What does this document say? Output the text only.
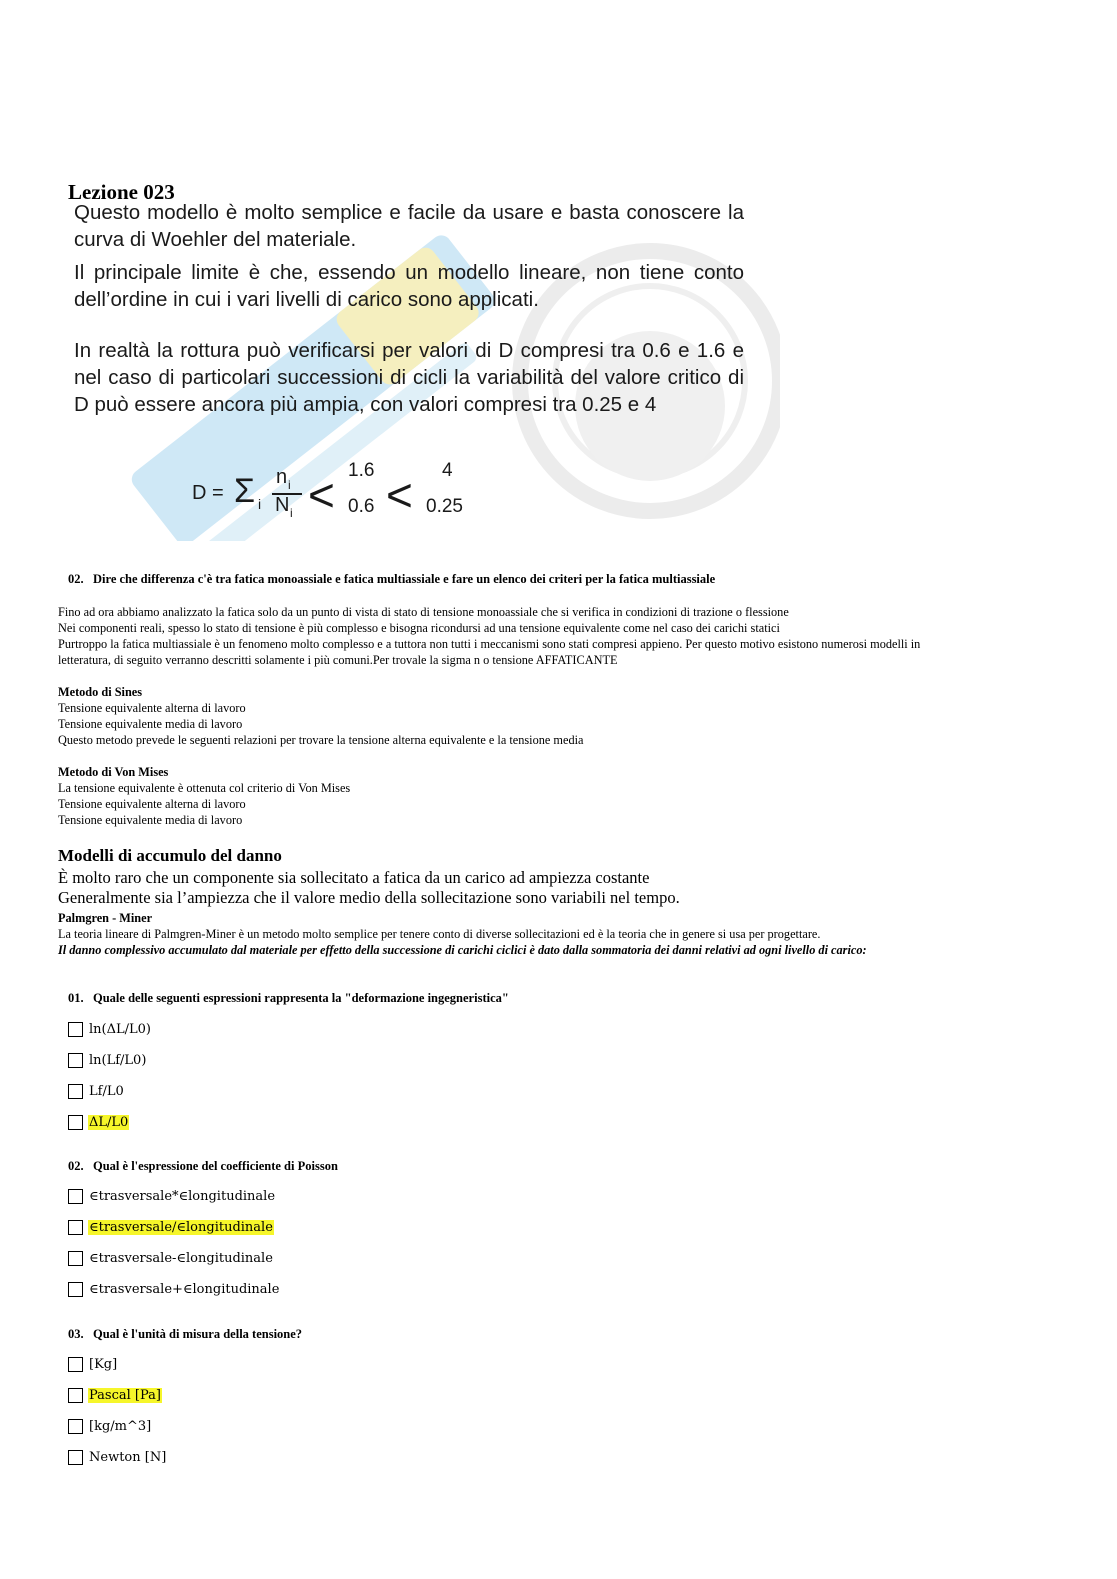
Lezione 023
Questo modello è molto semplice e facile da usare e basta conoscere la curva di Woehler del materiale.
Il principale limite è che, essendo un modello lineare, non tiene conto dell’ordine in cui i vari livelli di carico sono applicati.
In realtà la rottura può verificarsi per valori di D compresi tra 0.6 e 1.6 e nel caso di particolari successioni di cicli la variabilità del valore critico di D può essere ancora più ampia, con valori compresi tra 0.25 e 4
D = Σ i
n i
N i < 1.6
0.6 < 4
0.25
02. Dire che differenza c'è tra fatica monoassiale e fatica multiassiale e fare un elenco dei criteri per la fatica multiassiale
Fino ad ora abbiamo analizzato la fatica solo da un punto di vista di stato di tensione monoassiale che si verifica in condizioni di trazione o flessione
Nei componenti reali, spesso lo stato di tensione è più complesso e bisogna ricondursi ad una tensione equivalente come nel caso dei carichi statici
Purtroppo la fatica multiassiale è un fenomeno molto complesso e a tuttora non tutti i meccanismi sono stati compresi appieno. Per questo motivo esistono numerosi modelli in
letteratura, di seguito verranno descritti solamente i più comuni.Per trovale la sigma n o tensione AFFATICANTE
Metodo di Sines
Tensione equivalente alterna di lavoro
Tensione equivalente media di lavoro
Questo metodo prevede le seguenti relazioni per trovare la tensione alterna equivalente e la tensione media
Metodo di Von Mises
La tensione equivalente è ottenuta col criterio di Von Mises
Tensione equivalente alterna di lavoro
Tensione equivalente media di lavoro
Modelli di accumulo del danno
È molto raro che un componente sia sollecitato a fatica da un carico ad ampiezza costante
Generalmente sia l’ampiezza che il valore medio della sollecitazione sono variabili nel tempo.
Palmgren - Miner
La teoria lineare di Palmgren-Miner è un metodo molto semplice per tenere conto di diverse sollecitazioni ed è la teoria che in genere si usa per progettare.
Il danno complessivo accumulato dal materiale per effetto della successione di carichi ciclici è dato dalla sommatoria dei danni relativi ad ogni livello di carico:
01. Quale delle seguenti espressioni rappresenta la "deformazione ingegneristica"
ln(ΔL/L0)
ln(Lf/L0)
Lf/L0
ΔL/L0
02. Qual è l'espressione del coefficiente di Poisson
∈trasversale*∈longitudinale
∈trasversale/∈longitudinale
∈trasversale-∈longitudinale
∈trasversale+∈longitudinale
03. Qual è l'unità di misura della tensione?
[Kg]
Pascal [Pa]
[kg/m^3]
Newton [N]
